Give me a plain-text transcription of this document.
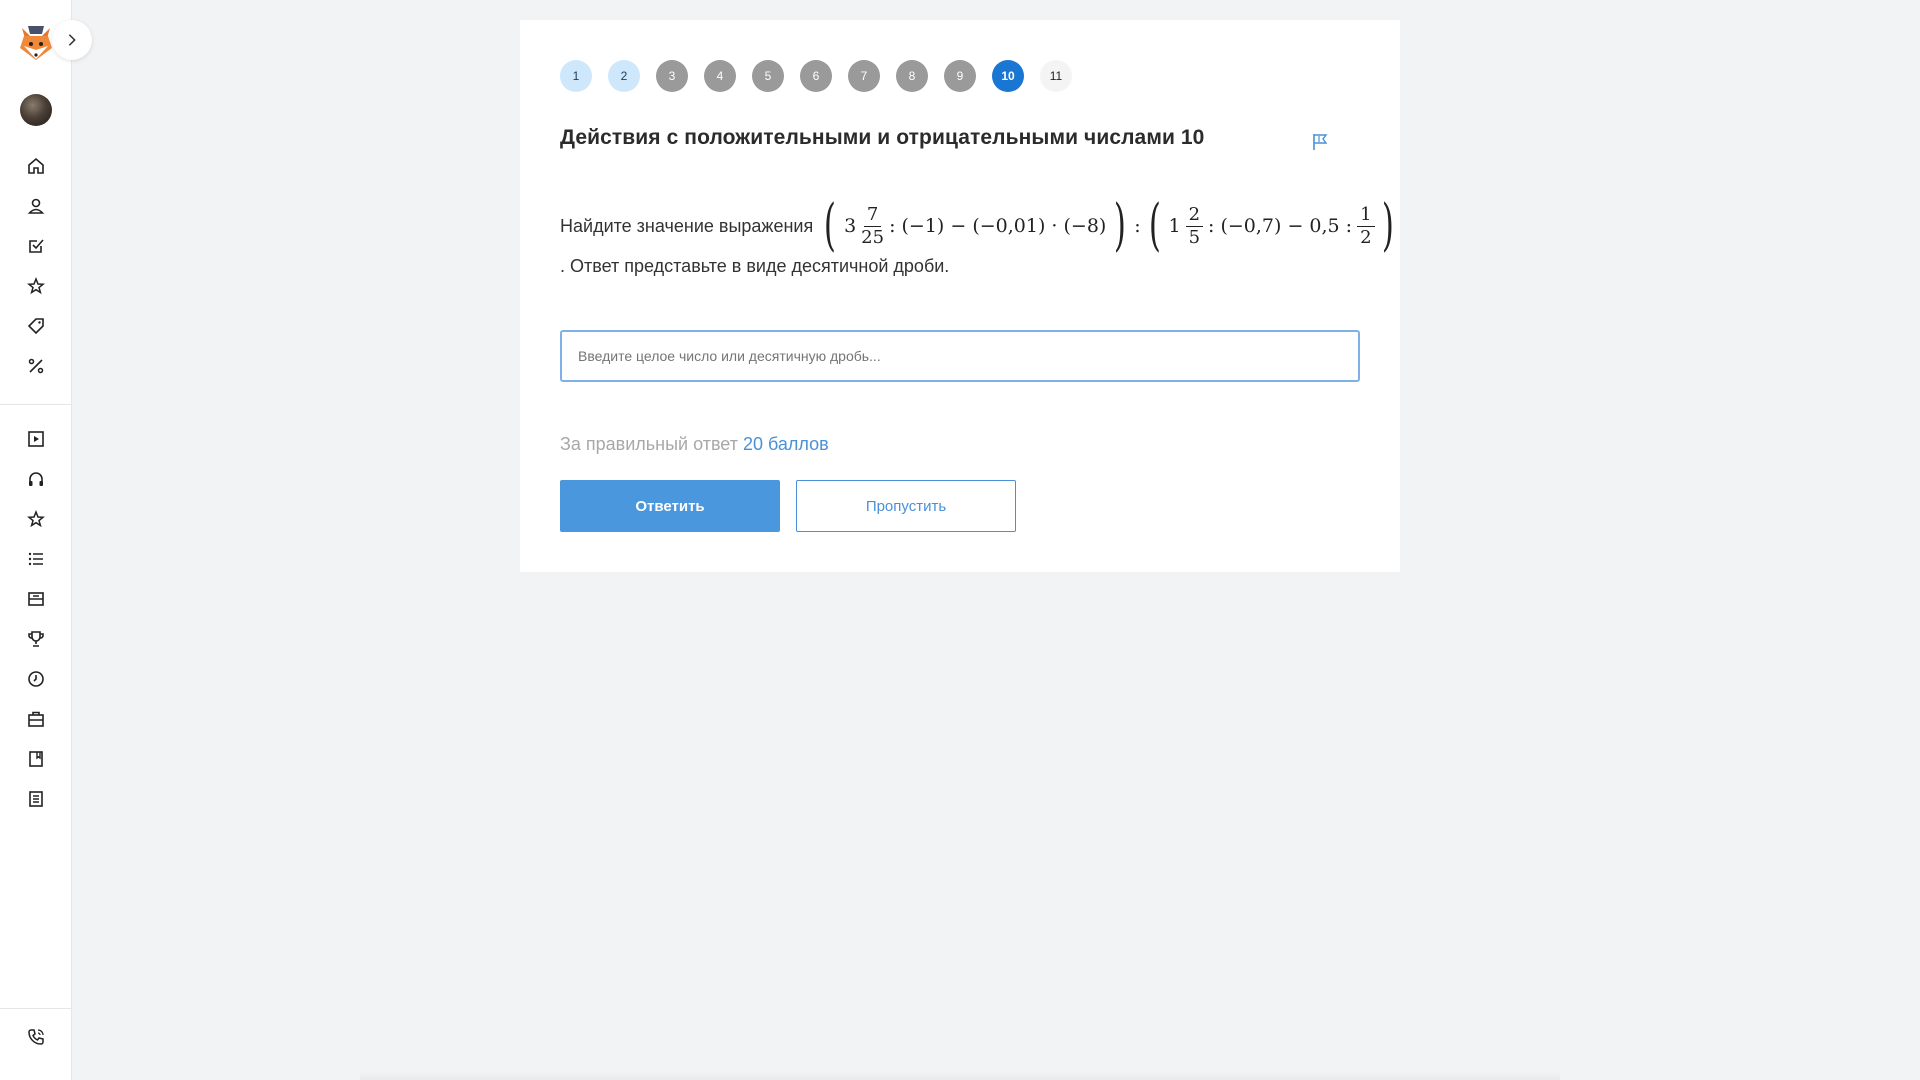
1	2	3	4	5	6	7	8	9	10	11
Действия с положительными и отрицательными числами 10
Найдите значение выражения ( $3 \frac{7}{25}$ : (−1) − (−0,01) · (−8) ) : ( $1 \frac{2}{5}$ : (−0,7) − 0,5 : $\frac{1}{2}$ )
. Ответ представьте в виде десятичной дроби.
Введите целое число или десятичную дробь...
За правильный ответ 20 баллов
Ответить	Пропустить
